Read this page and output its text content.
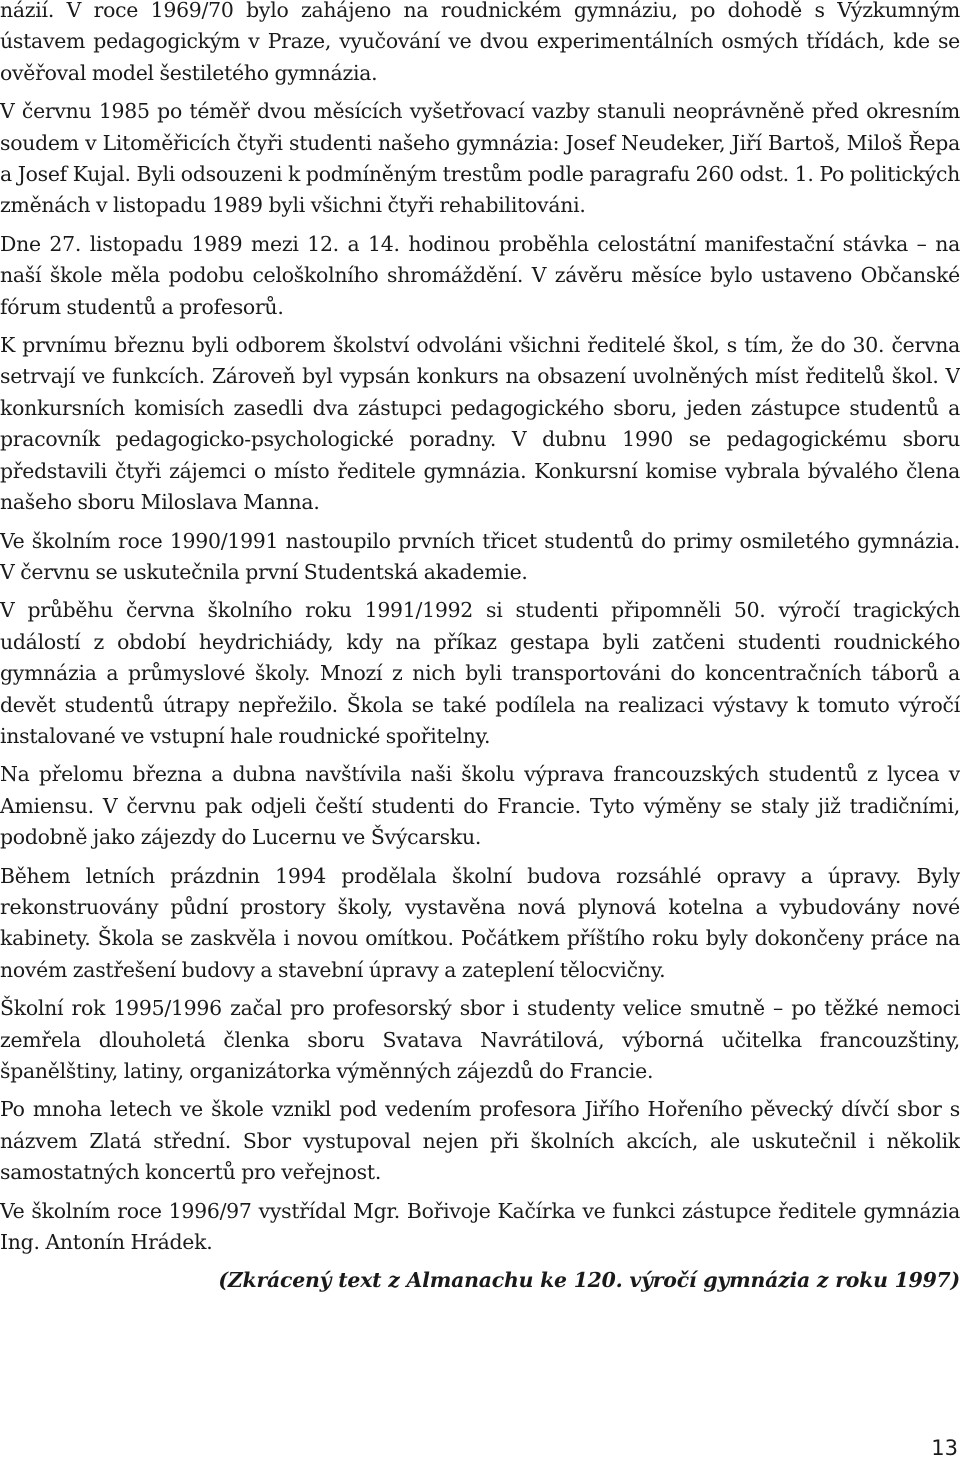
názií. V roce 1969/70 bylo zahájeno na roudnickém gymnáziu, po dohodě s Výzkumným ústavem pedagogickým v Praze, vyučování ve dvou experimentálních osmých třídách, kde se ověřoval model šestiletého gymnázia.

V červnu 1985 po téměř dvou měsících vyšetřovací vazby stanuli neoprávněně před okresním soudem v Litoměřicích čtyři studenti našeho gymnázia: Josef Neudeker, Jiří Bartoš, Miloš Řepa a Josef Kujal. Byli odsouzeni k podmíněným trestům podle paragrafu 260 odst. 1. Po politických změnách v listopadu 1989 byli všichni čtyři rehabilitováni.

Dne 27. listopadu 1989 mezi 12. a 14. hodinou proběhla celostátní manifestační stávka – na naší škole měla podobu celoškolního shromáždění. V závěru měsíce bylo ustaveno Občanské fórum studentů a profesorů.

K prvnímu březnu byli odborem školství odvoláni všichni ředitelé škol, s tím, že do 30. června setrvají ve funkcích. Zároveň byl vypsán konkurs na obsazení uvolněných míst ředitelů škol. V konkursních komisích zasedli dva zástupci pedagogického sboru, jeden zástupce studentů a pracovník pedagogicko-psychologické poradny. V dubnu 1990 se pedagogickému sboru představili čtyři zájemci o místo ředitele gymnázia. Konkursní komise vybrala bývalého člena našeho sboru Miloslava Manna.

Ve školním roce 1990/1991 nastoupilo prvních třicet studentů do primy osmiletého gymnázia. V červnu se uskutečnila první Studentská akademie.

V průběhu června školního roku 1991/1992 si studenti připomněli 50. výročí tragických událostí z období heydrichiády, kdy na příkaz gestapa byli zatčeni studenti roudnického gymnázia a průmyslové školy. Mnozí z nich byli transportováni do koncentračních táborů a devět studentů útrapy nepřežilo. Škola se také podílela na realizaci výstavy k tomuto výročí instalované ve vstupní hale roudnické spořitelny.

Na přelomu března a dubna navštívila naši školu výprava francouzských studentů z lycea v Amiensu. V červnu pak odjeli čeští studenti do Francie. Tyto výměny se staly již tradičními, podobně jako zájezdy do Lucernu ve Švýcarsku.

Během letních prázdnin 1994 prodělala školní budova rozsáhlé opravy a úpravy. Byly rekonstruovány půdní prostory školy, vystavěna nová plynová kotelna a vybudovány nové kabinety. Škola se zaskvěla i novou omítkou. Počátkem příštího roku byly dokončeny práce na novém zastřešení budovy a stavební úpravy a zateplení tělocvičny.

Školní rok 1995/1996 začal pro profesorský sbor i studenty velice smutně – po těžké nemoci zemřela dlouholetá členka sboru Svatava Navrátilová, výborná učitelka francouzštiny, španělštiny, latiny, organizátorka výměnných zájezdů do Francie.

Po mnoha letech ve škole vznikl pod vedením profesora Jiřího Hořeního pěvecký dívčí sbor s názvem Zlatá střední. Sbor vystupoval nejen při školních akcích, ale uskutečnil i několik samostatných koncertů pro veřejnost.

Ve školním roce 1996/97 vystřídal Mgr. Bořivoje Kačírka ve funkci zástupce ředitele gymnázia Ing. Antonín Hrádek.

(Zkrácený text z Almanachu ke 120. výročí gymnázia z roku 1997)

13
